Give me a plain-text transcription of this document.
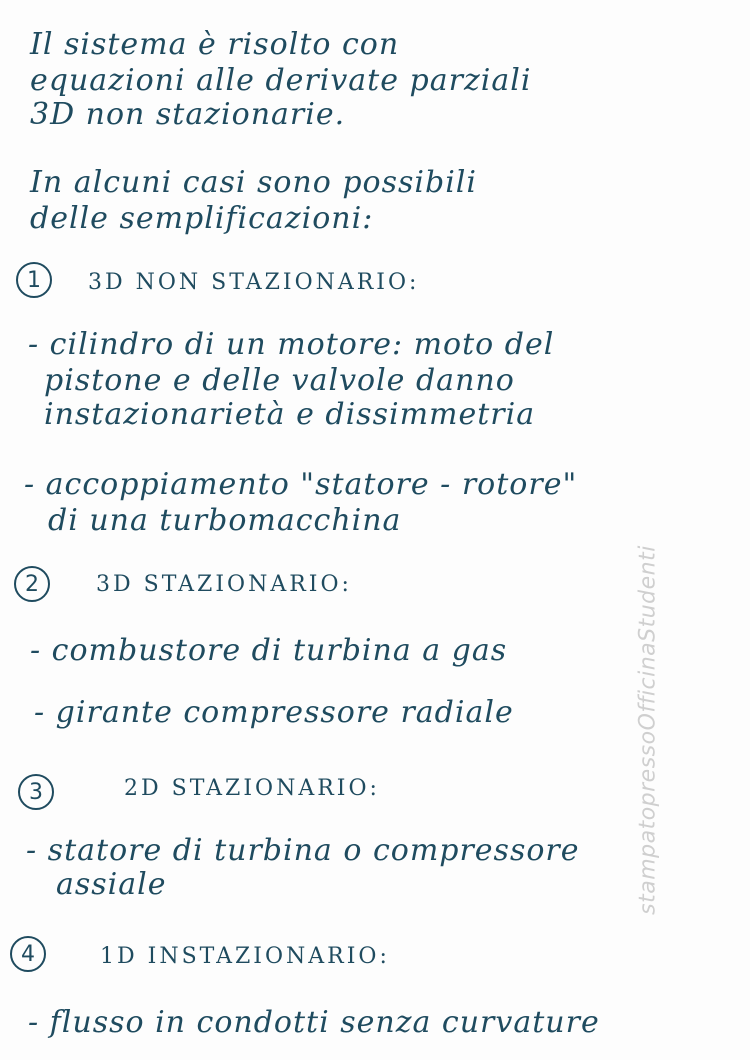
Il sistema è risolto con
equazioni alle derivate parziali
3D non stazionarie.
In alcuni casi sono possibili
delle semplificazioni:
1	3D NON STAZIONARIO:
- cilindro di un motore: moto del
pistone e delle valvole danno
instazionarietà e dissimmetria
- accoppiamento "statore - rotore"
di una turbomacchina
2	3D STAZIONARIO:
- combustore di turbina a gas
- girante compressore radiale
3	2D STAZIONARIO:
- statore di turbina o compressore
assiale
4	1D INSTAZIONARIO:
- flusso in condotti senza curvature
stampatopressoOfficinaStudenti
